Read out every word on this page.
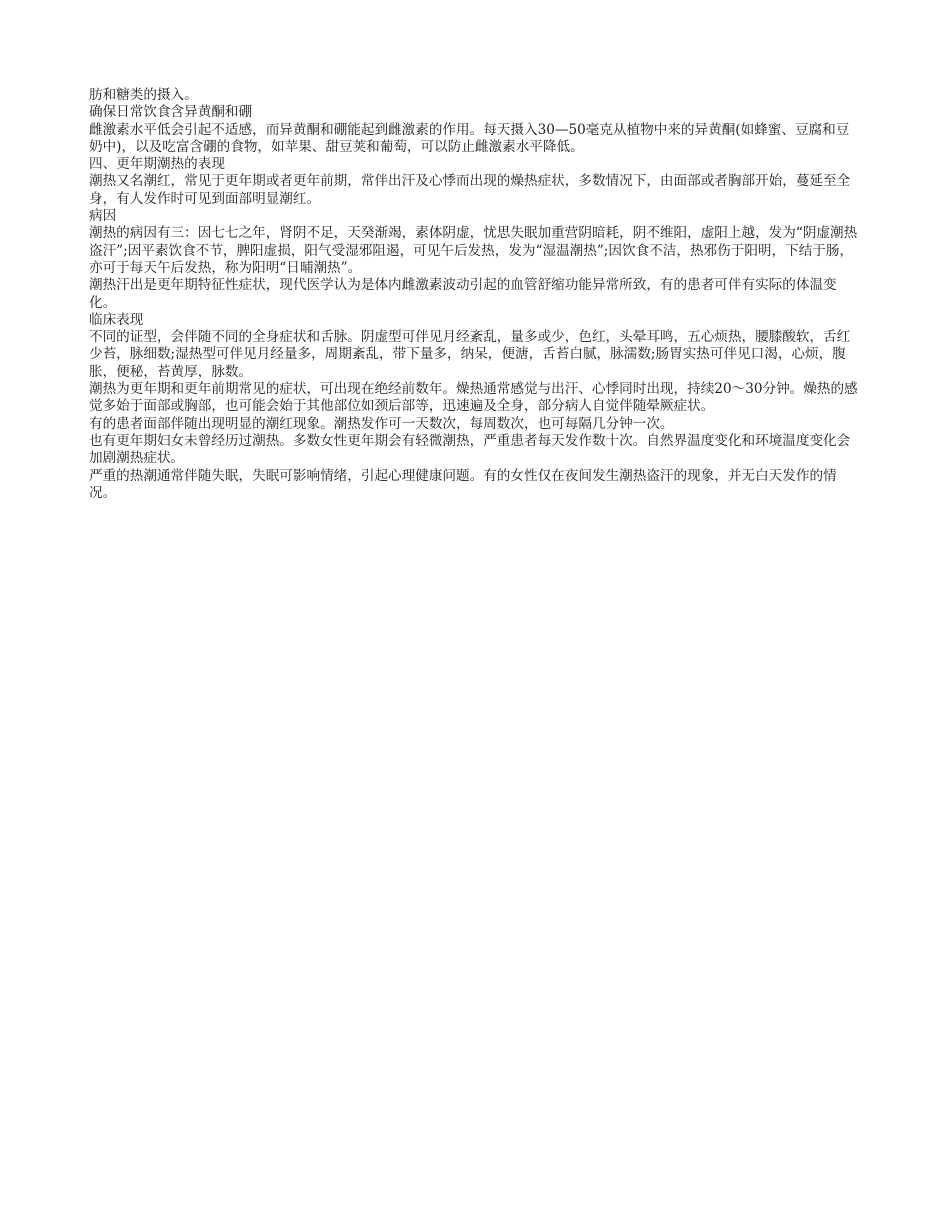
肪和糖类的摄入。

确保日常饮食含异黄酮和硼

雌激素水平低会引起不适感，而异黄酮和硼能起到雌激素的作用。每天摄入30—50毫克从植物中来的异黄酮(如蜂蜜、豆腐和豆奶中)，以及吃富含硼的食物，如苹果、甜豆荚和葡萄，可以防止雌激素水平降低。

四、更年期潮热的表现

潮热又名潮红，常见于更年期或者更年前期，常伴出汗及心悸而出现的燥热症状，多数情况下，由面部或者胸部开始，蔓延至全身，有人发作时可见到面部明显潮红。

病因

潮热的病因有三：因七七之年，肾阴不足，天癸渐竭，素体阴虚，忧思失眠加重营阴暗耗，阴不维阳，虚阳上越，发为“阴虚潮热盗汗”;因平素饮食不节，脾阳虚损，阳气受湿邪阻遏，可见午后发热，发为“湿温潮热”;因饮食不洁，热邪伤于阳明，下结于肠，亦可于每天午后发热，称为阳明“日晡潮热”。

潮热汗出是更年期特征性症状，现代医学认为是体内雌激素波动引起的血管舒缩功能异常所致，有的患者可伴有实际的体温变化。

临床表现

不同的证型，会伴随不同的全身症状和舌脉。阴虚型可伴见月经紊乱，量多或少，色红，头晕耳鸣，五心烦热，腰膝酸软，舌红少苔，脉细数;湿热型可伴见月经量多，周期紊乱，带下量多，纳呆，便溏，舌苔白腻，脉濡数;肠胃实热可伴见口渴，心烦，腹胀，便秘，苔黄厚，脉数。

潮热为更年期和更年前期常见的症状，可出现在绝经前数年。燥热通常感觉与出汗、心悸同时出现，持续20～30分钟。燥热的感觉多始于面部或胸部，也可能会始于其他部位如颈后部等，迅速遍及全身，部分病人自觉伴随晕厥症状。

有的患者面部伴随出现明显的潮红现象。潮热发作可一天数次，每周数次，也可每隔几分钟一次。

也有更年期妇女未曾经历过潮热。多数女性更年期会有轻微潮热，严重患者每天发作数十次。自然界温度变化和环境温度变化会加剧潮热症状。

严重的热潮通常伴随失眠，失眠可影响情绪，引起心理健康问题。有的女性仅在夜间发生潮热盗汗的现象，并无白天发作的情况。
